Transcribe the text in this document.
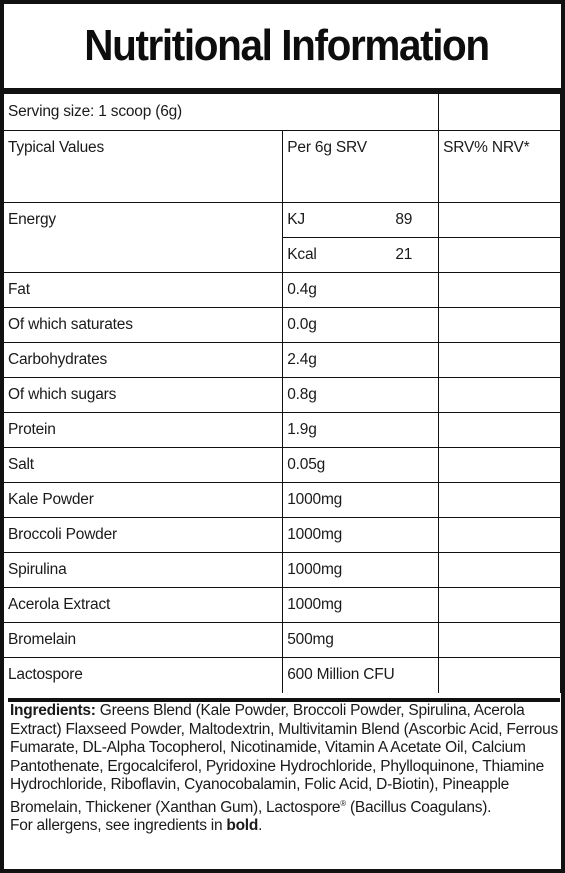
Nutritional Information
Serving size: 1 scoop (6g)		
Typical Values	Per 6g SRV	SRV% NRV*
Energy	KJ 89	

	Kcal 21	

Fat	0.4g	
Of which saturates	0.0g	
Carbohydrates	2.4g	
Of which sugars	0.8g	
Protein	1.9g	
Salt	0.05g	
Kale Powder	1000mg	
Broccoli Powder	1000mg	
Spirulina	1000mg	
Acerola Extract	1000mg	
Bromelain	500mg	
Lactospore	600 Million CFU	

Ingredients: Greens Blend (Kale Powder, Broccoli Powder, Spirulina, Acerola Extract) Flaxseed Powder, Maltodextrin, Multivitamin Blend (Ascorbic Acid, Ferrous Fumarate, DL-Alpha Tocopherol, Nicotinamide, Vitamin A Acetate Oil, Calcium Pantothenate, Ergocalciferol, Pyridoxine Hydrochloride, Phylloquinone, Thiamine Hydrochloride, Riboflavin, Cyanocobalamin, Folic Acid, D-Biotin), Pineapple Bromelain, Thickener (Xanthan Gum), Lactospore® (Bacillus Coagulans).

For allergens, see ingredients in bold.
